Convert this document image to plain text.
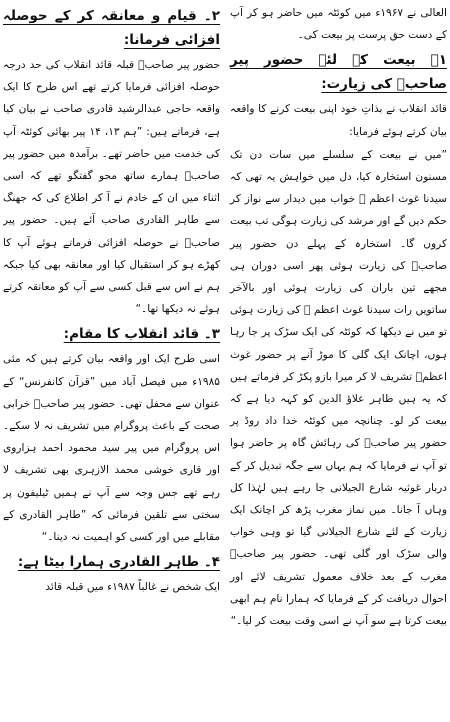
العالی نے ۱۹۶۷ء میں کوئٹہ میں حاضر ہو کر آپ کے دست حق پرست پر بیعت کی۔

۱۔ بیعت کے لئے حضور پیر صاحبؒ کی زیارت:

قائد انقلاب نے بذاتِ خود اپنی بیعت کرنے کا واقعہ بیان کرتے ہوئے فرمایا:

”میں نے بیعت کے سلسلے میں سات دن تک مسنون استخارہ کیا، دل میں خواہش یہ تھی کہ سیدنا غوث اعظم ؓ خواب میں دیدار سے نواز کر حکم دیں گے اور مرشد کی زیارت ہوگی تب بیعت کروں گا۔ استخارہ کے پہلے دن حضور پیر صاحبؒ کی زیارت ہوئی پھر اسی دوران ہی مجھے تین باران کی زیارت ہوئی اور بالآخر ساتویں رات سیدنا غوث اعظم ؓ کی زیارت ہوئی تو میں نے دیکھا کہ کوئٹہ کی ایک سڑک پر جا رہا ہوں، اچانک ایک گلی کا موڑ آنے پر حضور غوث اعظمؓ تشریف لا کر میرا بازو پکڑ کر فرماتے ہیں کہ یہ ہیں طاہر علاؤ الدین کو کہہ دیا ہے کہ بیعت کر لو۔ چنانچہ میں کوئٹہ خدا داد روڈ پر حضور پیر صاحبؒ کی رہائش گاہ پر حاضر ہوا تو آپ نے فرمایا کہ ہم یہاں سے جگہ تبدیل کر کے دربار غوثیہ شارع الجیلانی جا رہے ہیں لہٰذا کل وہاں آ جانا۔ میں نماز مغرب پڑھ کر اچانک ایک زیارت کے لئے شارع الجیلانی گیا تو وہی خواب والی سڑک اور گلی تھی۔ حضور پیر صاحبؒ مغرب کے بعد خلاف معمول تشریف لائے اور احوال دریافت کر کے فرمایا کہ ہمارا نام ہم ابھی بیعت کرتا ہے سو آپ نے اسی وقت بیعت کر لیا۔“

۲۔ قیام و معانقہ کر کے حوصلہ افزائی فرمانا:

حضور پیر صاحبؒ قبلہ قائد انقلاب کی حد درجہ حوصلہ افزائی فرمایا کرتے تھے اس طرح کا ایک واقعہ حاجی عبدالرشید قادری صاحب نے بیان کیا ہے، فرماتے ہیں: ”ہم ۱۳، ۱۴ پیر بھائی کوئٹہ آپ کی خدمت میں حاضر تھے۔ برآمدہ میں حضور پیر صاحبؒ ہمارے ساتھ محو گفتگو تھے کہ اسی اثناء میں ان کے خادم نے آ کر اطلاع کی کہ جھنگ سے طاہر القادری صاحب آئے ہیں۔ حضور پیر صاحبؒ نے حوصلہ افزائی فرماتے ہوئے آپ کا کھڑے ہو کر استقبال کیا اور معانقہ بھی کیا جبکہ ہم نے اس سے قبل کسی سے آپ کو معانقہ کرتے ہوئے نہ دیکھا تھا۔“

۳۔ قائد انقلاب کا مقام:

اسی طرح ایک اور واقعہ بیان کرتے ہیں کہ مئی ۱۹۸۵ء میں فیصل آباد میں ”قرآن کانفرنس“ کے عنوان سے محفل تھی۔ حضور پیر صاحبؒ خرابی صحت کے باعث پروگرام میں تشریف نہ لا سکے۔ اس پروگرام میں پیر سید محمود احمد ہزاروی اور قاری خوشی محمد الازہری بھی تشریف لا رہے تھے جس وجہ سے آپ نے ہمیں ٹیلیفون پر سختی سے تلقین فرمائی کہ ”طاہر القادری کے مقابلے میں اور کسی کو اہمیت نہ دینا۔“

۴۔ طاہر القادری ہمارا بیٹا ہے:

ایک شخص نے غالباً ۱۹۸۷ء میں قبلہ قائد
